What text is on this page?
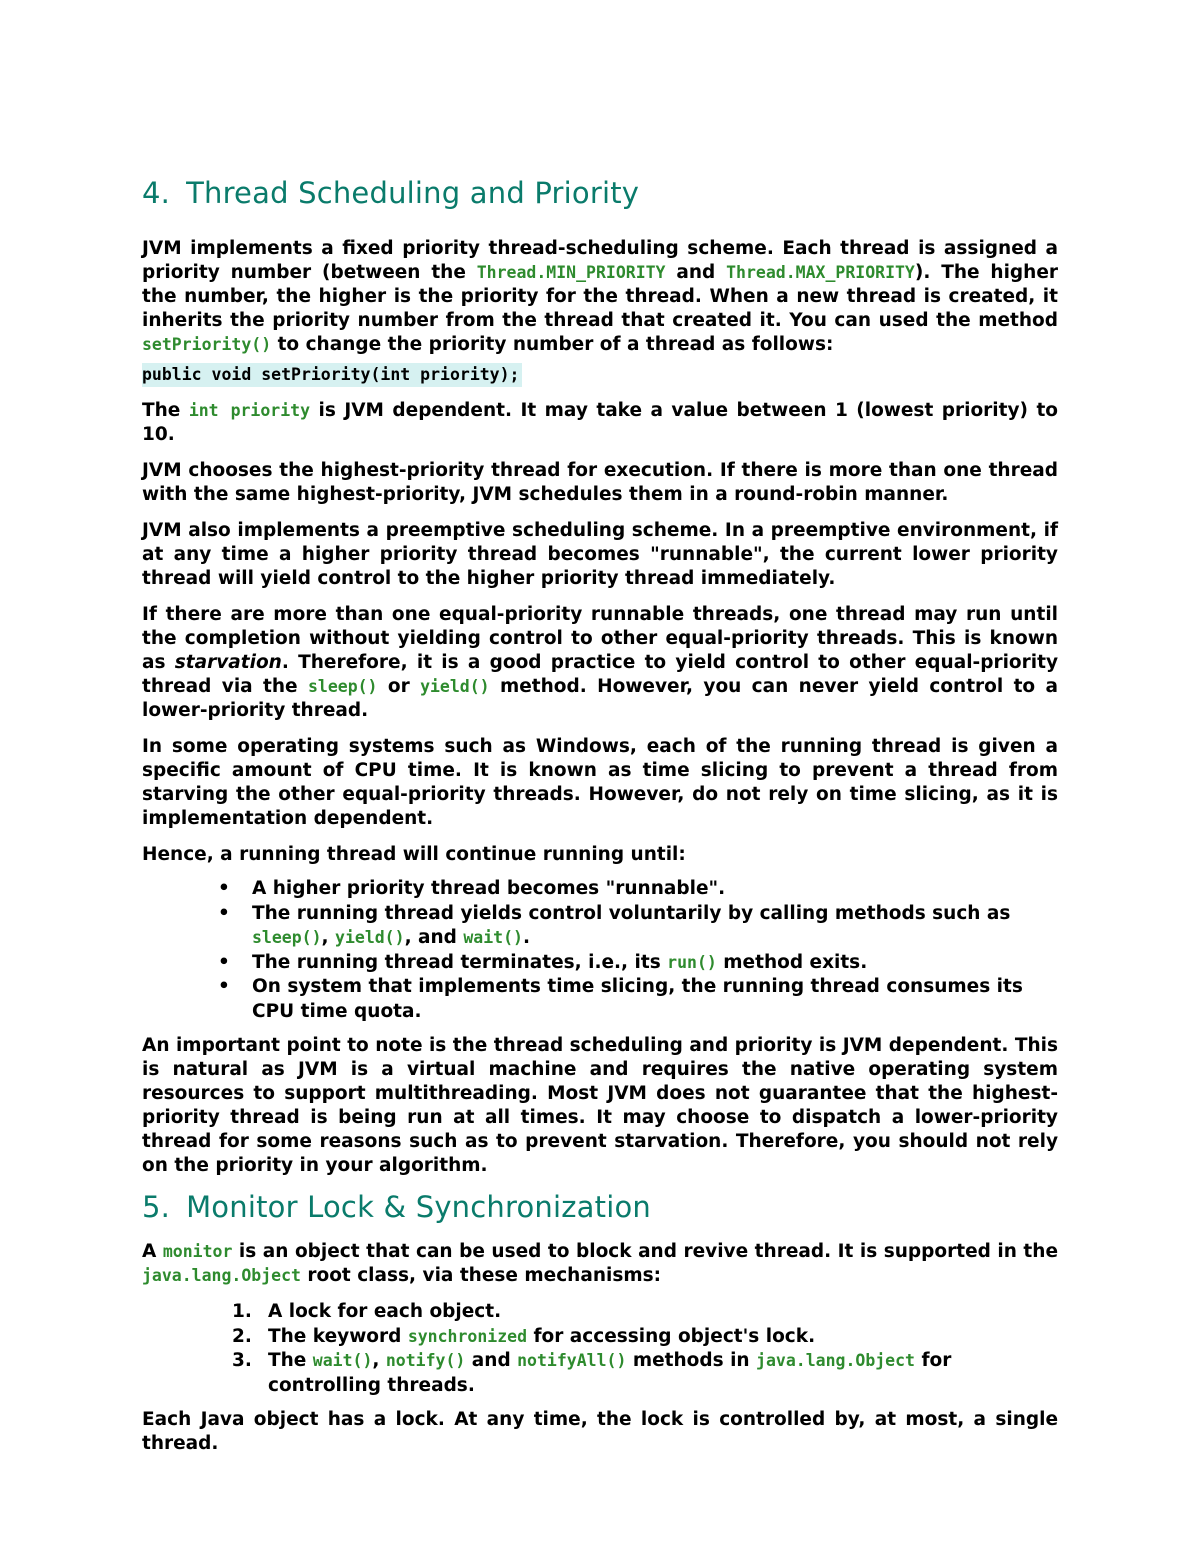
4. Thread Scheduling and Priority

JVM implements a fixed priority thread-scheduling scheme. Each thread is assigned a priority number (between the Thread.MIN_PRIORITY and Thread.MAX_PRIORITY). The higher the number, the higher is the priority for the thread. When a new thread is created, it inherits the priority number from the thread that created it. You can used the method setPriority() to change the priority number of a thread as follows:

public void setPriority(int priority);

The int priority is JVM dependent. It may take a value between 1 (lowest priority) to 10.

JVM chooses the highest-priority thread for execution. If there is more than one thread with the same highest-priority, JVM schedules them in a round-robin manner.

JVM also implements a preemptive scheduling scheme. In a preemptive environment, if at any time a higher priority thread becomes "runnable", the current lower priority thread will yield control to the higher priority thread immediately.

If there are more than one equal-priority runnable threads, one thread may run until the completion without yielding control to other equal-priority threads. This is known as starvation. Therefore, it is a good practice to yield control to other equal-priority thread via the sleep() or yield() method. However, you can never yield control to a lower-priority thread.

In some operating systems such as Windows, each of the running thread is given a specific amount of CPU time. It is known as time slicing to prevent a thread from starving the other equal-priority threads. However, do not rely on time slicing, as it is implementation dependent.

Hence, a running thread will continue running until:

• A higher priority thread becomes "runnable".
• The running thread yields control voluntarily by calling methods such as sleep(), yield(), and wait().
• The running thread terminates, i.e., its run() method exits.
• On system that implements time slicing, the running thread consumes its CPU time quota.

An important point to note is the thread scheduling and priority is JVM dependent. This is natural as JVM is a virtual machine and requires the native operating system resources to support multithreading. Most JVM does not guarantee that the highest-priority thread is being run at all times. It may choose to dispatch a lower-priority thread for some reasons such as to prevent starvation. Therefore, you should not rely on the priority in your algorithm.

5. Monitor Lock & Synchronization

A monitor is an object that can be used to block and revive thread. It is supported in the java.lang.Object root class, via these mechanisms:

1. A lock for each object.
2. The keyword synchronized for accessing object's lock.
3. The wait(), notify() and notifyAll() methods in java.lang.Object for controlling threads.

Each Java object has a lock. At any time, the lock is controlled by, at most, a single thread.
